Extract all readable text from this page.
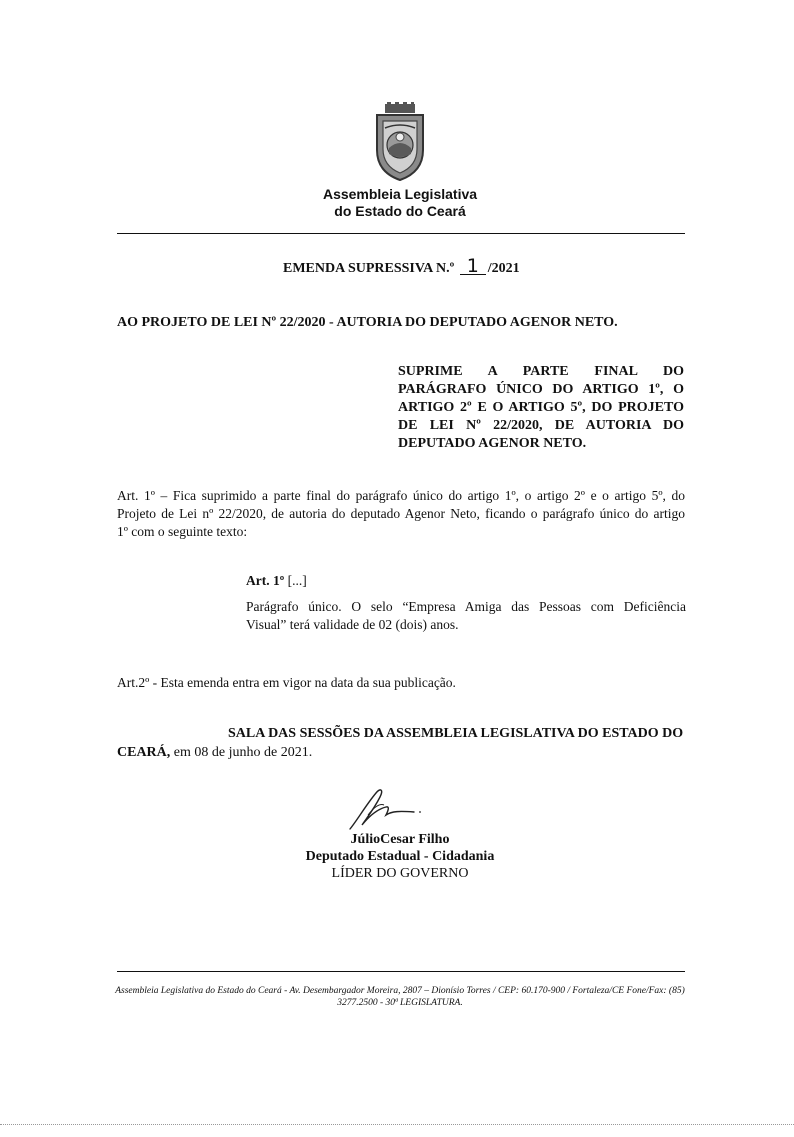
Assembleia Legislativa
do Estado do Ceará
EMENDA SUPRESSIVA N.º 1 /2021
AO PROJETO DE LEI Nº 22/2020 - AUTORIA DO DEPUTADO AGENOR NETO.
SUPRIME A PARTE FINAL DO
PARÁGRAFO ÚNICO DO ARTIGO 1º, O
ARTIGO 2º E O ARTIGO 5º, DO PROJETO
DE LEI Nº 22/2020, DE AUTORIA DO
DEPUTADO AGENOR NETO.
Art. 1º – Fica suprimido a parte final do parágrafo único do artigo 1º, o artigo 2º e o artigo 5º, do
Projeto de Lei nº 22/2020, de autoria do deputado Agenor Neto, ficando o parágrafo único do artigo
1º com o seguinte texto:
Art. 1º [...]
Parágrafo único. O selo “Empresa Amiga das Pessoas com Deficiência
Visual” terá validade de 02 (dois) anos.
Art.2º - Esta emenda entra em vigor na data da sua publicação.
SALA DAS SESSÕES DA ASSEMBLEIA LEGISLATIVA DO ESTADO DO
CEARÁ, em 08 de junho de 2021.
JúlioCesar Filho
Deputado Estadual - Cidadania
LÍDER DO GOVERNO
Assembleia Legislativa do Estado do Ceará - Av. Desembargador Moreira, 2807 – Dionísio Torres / CEP: 60.170-900 / Fortaleza/CE Fone/Fax: (85)
3277.2500 - 30ª LEGISLATURA.
